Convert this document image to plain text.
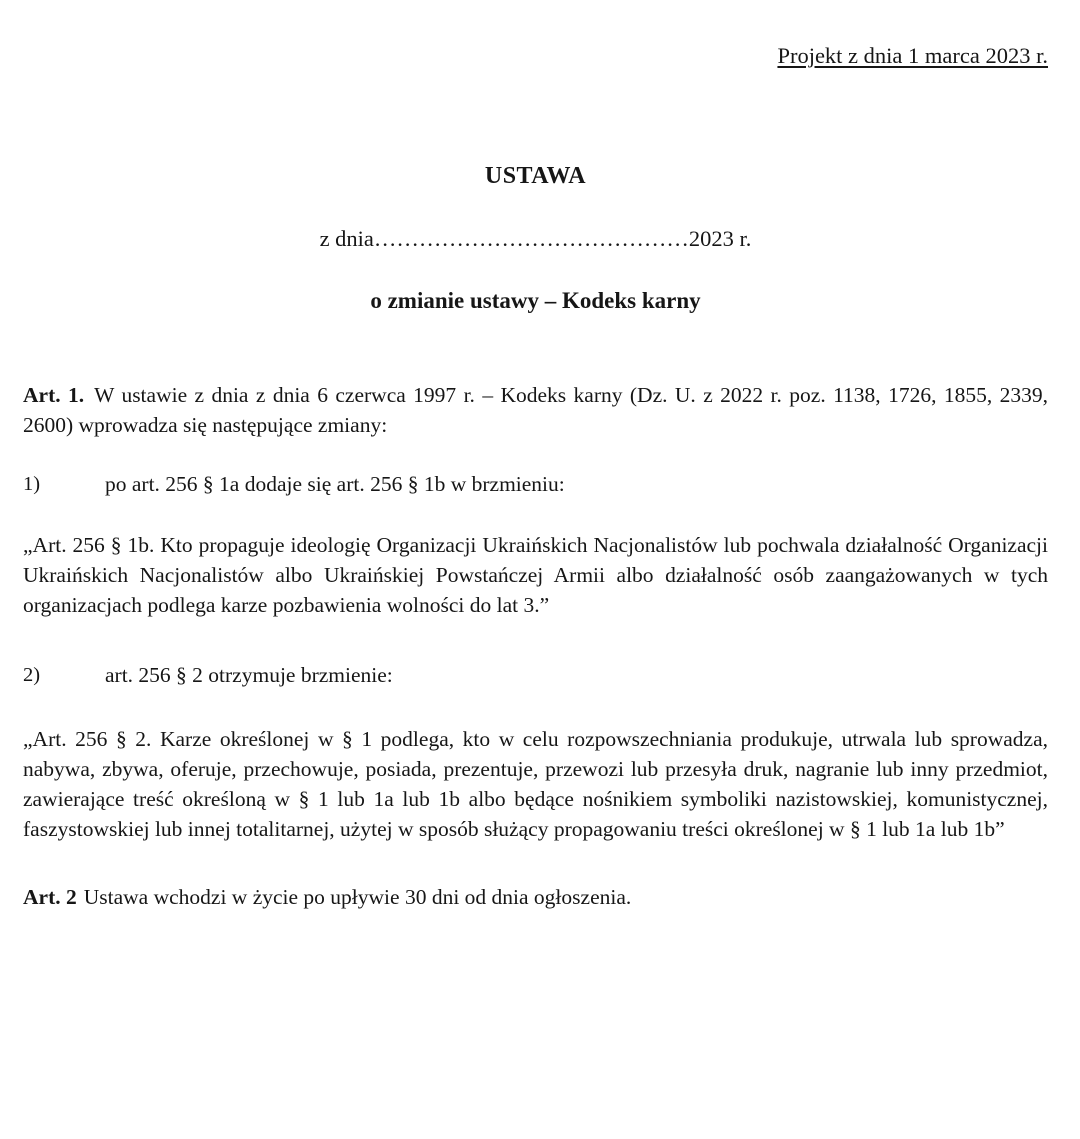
Projekt z dnia 1 marca 2023 r.
USTAWA
z dnia……………………………………2023 r.
o zmianie ustawy – Kodeks karny
Art. 1. W ustawie z dnia z dnia 6 czerwca 1997 r. – Kodeks karny (Dz. U. z 2022 r. poz. 1138, 1726, 1855, 2339, 2600) wprowadza się następujące zmiany:
1)	po art. 256 § 1a dodaje się art. 256 § 1b w brzmieniu:
„Art. 256 § 1b. Kto propaguje ideologię Organizacji Ukraińskich Nacjonalistów lub pochwala działalność Organizacji Ukraińskich Nacjonalistów albo Ukraińskiej Powstańczej Armii albo działalność osób zaangażowanych w tych organizacjach podlega karze pozbawienia wolności do lat 3.”
2)	art. 256 § 2 otrzymuje brzmienie:
„Art. 256 § 2. Karze określonej w § 1 podlega, kto w celu rozpowszechniania produkuje, utrwala lub sprowadza, nabywa, zbywa, oferuje, przechowuje, posiada, prezentuje, przewozi lub przesyła druk, nagranie lub inny przedmiot, zawierające treść określoną w § 1 lub 1a lub 1b albo będące nośnikiem symboliki nazistowskiej, komunistycznej, faszystowskiej lub innej totalitarnej, użytej w sposób służący propagowaniu treści określonej w § 1 lub 1a lub 1b”
Art. 2 Ustawa wchodzi w życie po upływie 30 dni od dnia ogłoszenia.
